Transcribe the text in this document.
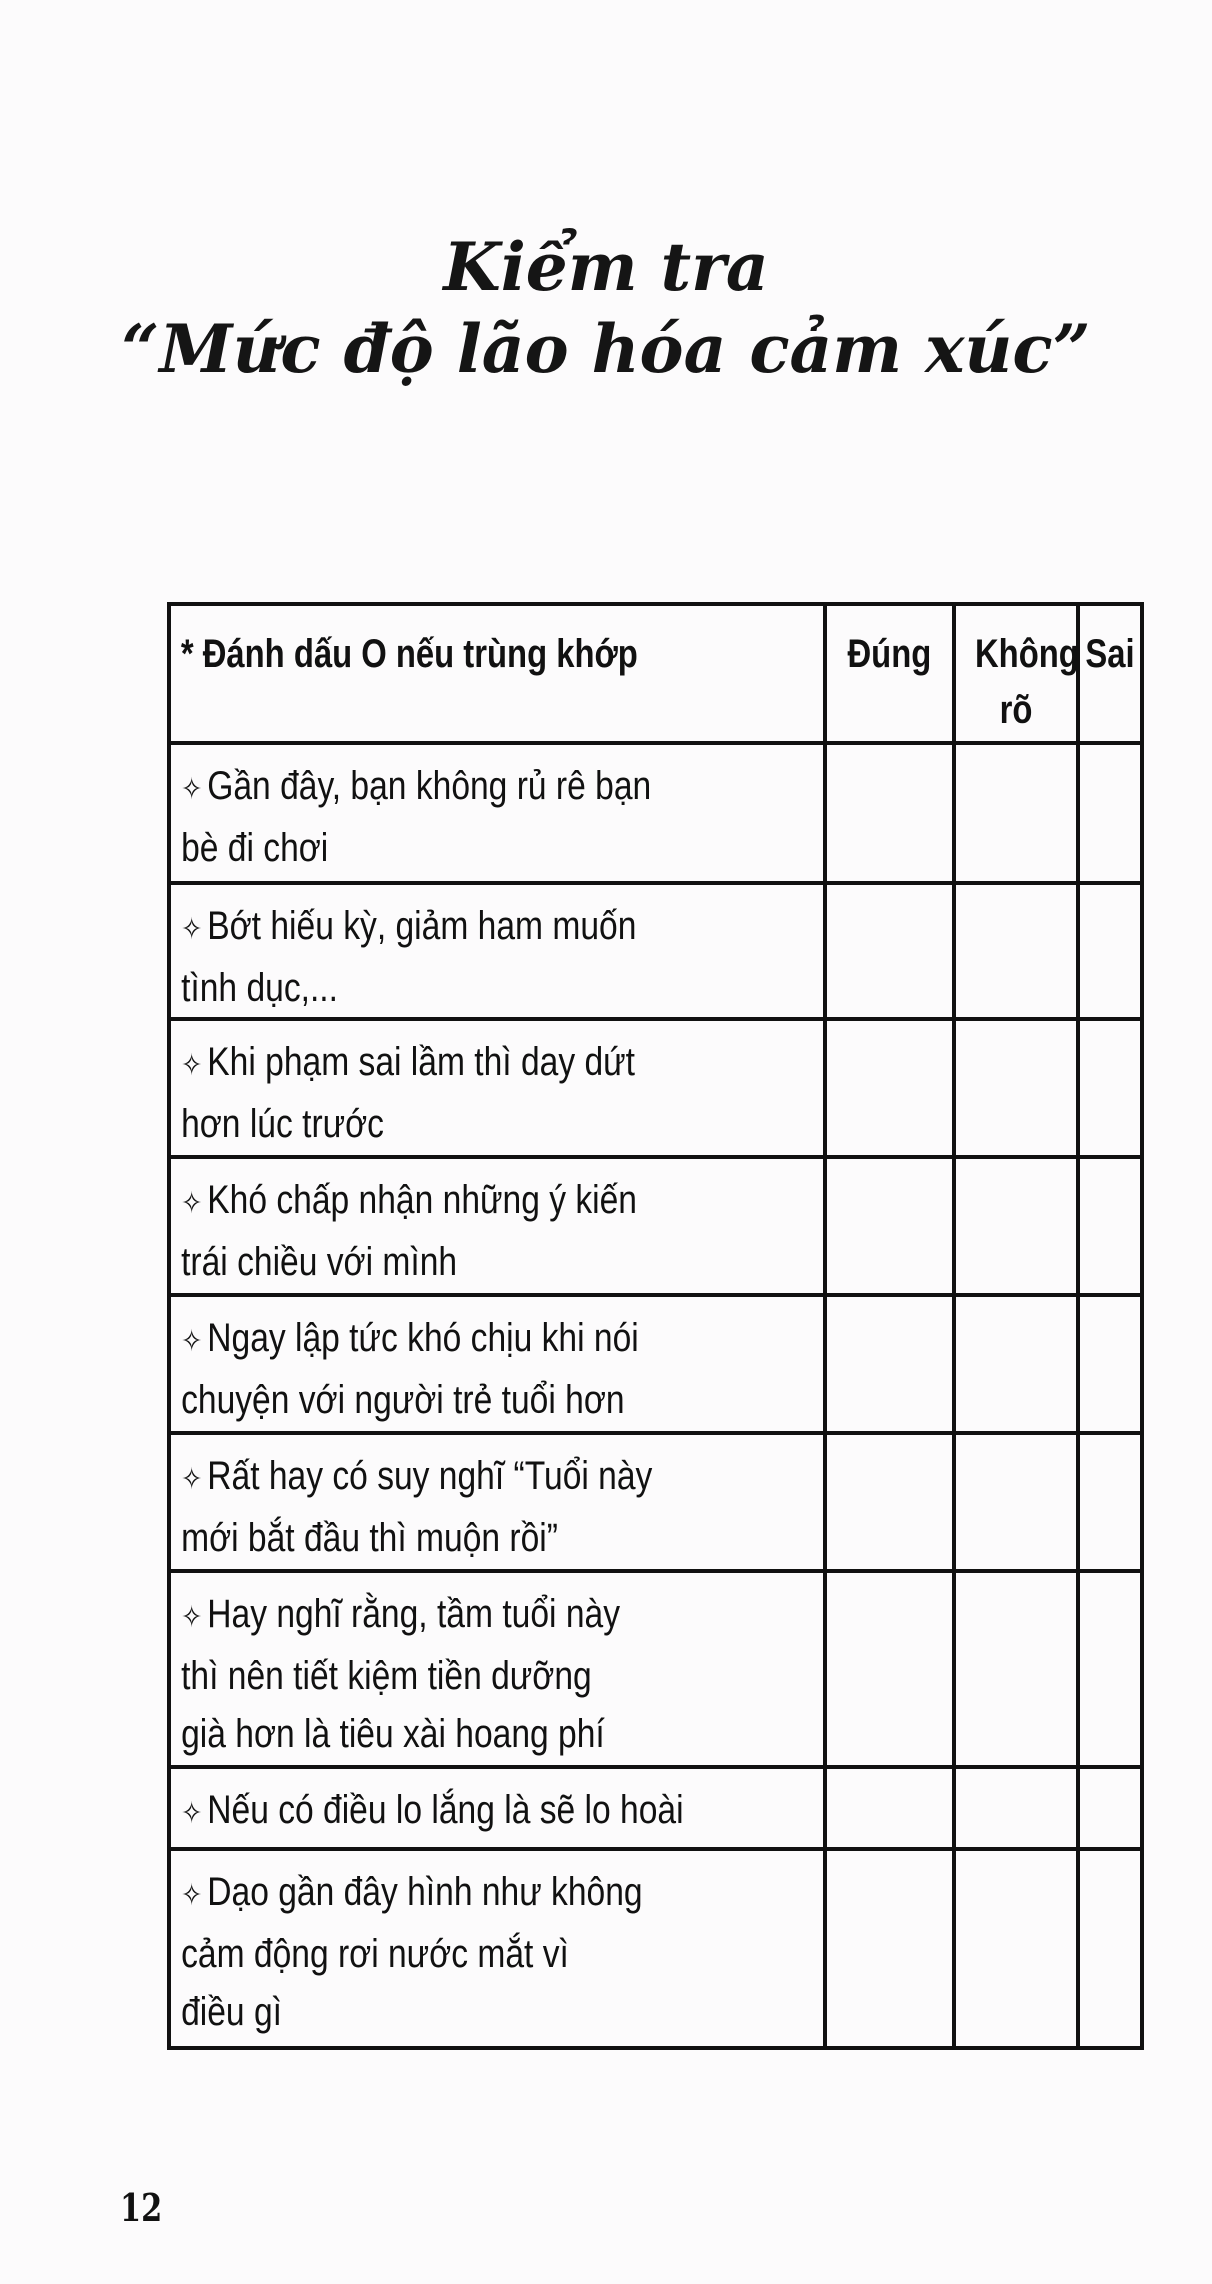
Kiểm tra
“Mức độ lão hóa cảm xúc”
* Đánh dấu O nếu trùng khớp	Đúng	Không rõ	Sai

✧ Gần đây, bạn không rủ rê bạn
bè đi chơi			

✧ Bớt hiếu kỳ, giảm ham muốn
tình dục,...			

✧ Khi phạm sai lầm thì day dứt
hơn lúc trước			

✧ Khó chấp nhận những ý kiến
trái chiều với mình			

✧ Ngay lập tức khó chịu khi nói
chuyện với người trẻ tuổi hơn			

✧ Rất hay có suy nghĩ “Tuổi này
mới bắt đầu thì muộn rồi”			

✧ Hay nghĩ rằng, tầm tuổi này
thì nên tiết kiệm tiền dưỡng
già hơn là tiêu xài hoang phí			

✧ Nếu có điều lo lắng là sẽ lo hoài			

✧ Dạo gần đây hình như không
cảm động rơi nước mắt vì
điều gì			

12
